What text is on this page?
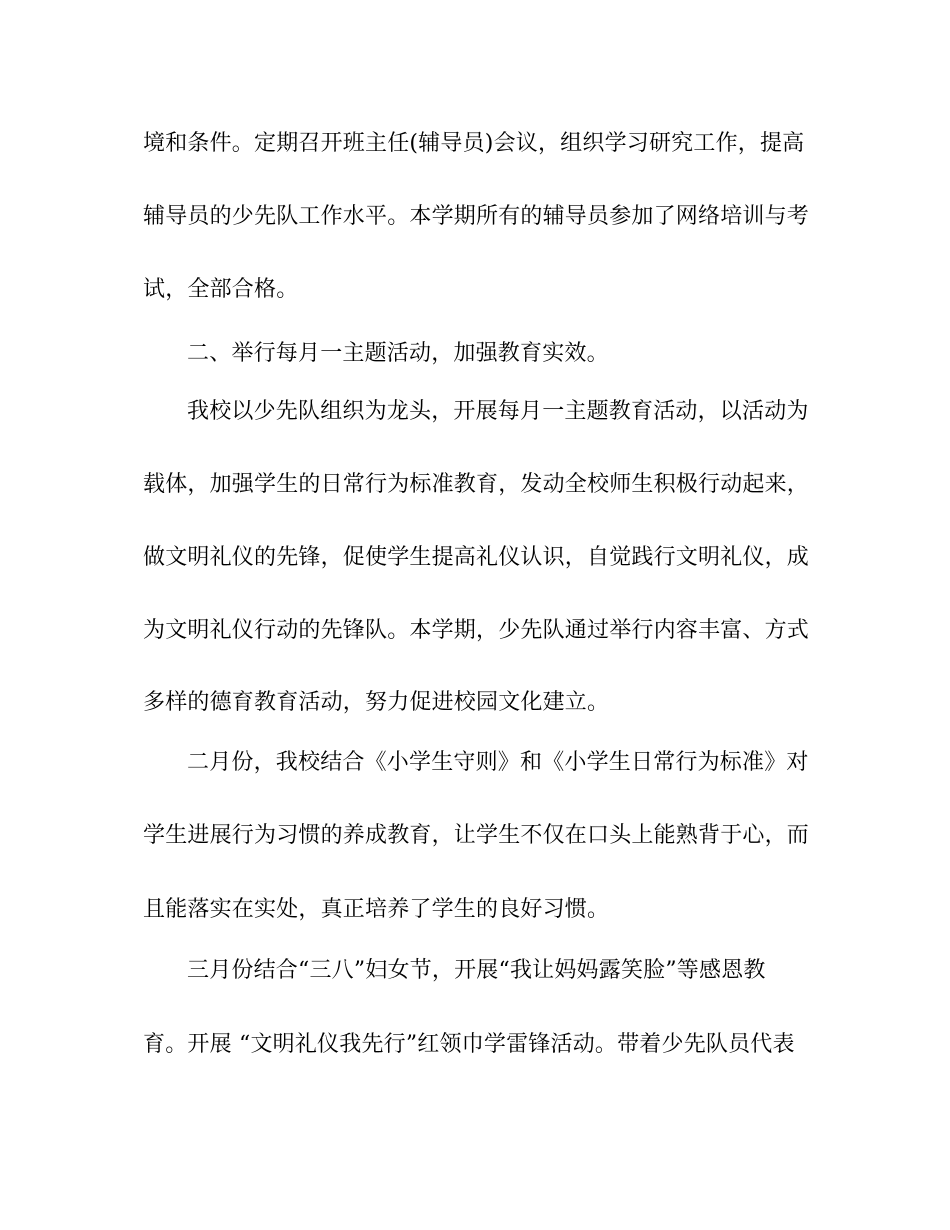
境和条件。定期召开班主任(辅导员)会议，组织学习研究工作，提高
辅导员的少先队工作水平。本学期所有的辅导员参加了网络培训与考
试，全部合格。
二、举行每月一主题活动，加强教育实效。
我校以少先队组织为龙头，开展每月一主题教育活动，以活动为
载体，加强学生的日常行为标准教育，发动全校师生积极行动起来，
做文明礼仪的先锋，促使学生提高礼仪认识，自觉践行文明礼仪，成
为文明礼仪行动的先锋队。本学期，少先队通过举行内容丰富、方式
多样的德育教育活动，努力促进校园文化建立。
二月份，我校结合《小学生守则》和《小学生日常行为标准》对
学生进展行为习惯的养成教育，让学生不仅在口头上能熟背于心，而
且能落实在实处，真正培养了学生的良好习惯。
三月份结合“三八”妇女节，开展“我让妈妈露笑脸”等感恩教
育。开展 “文明礼仪我先行”红领巾学雷锋活动。带着少先队员代表
